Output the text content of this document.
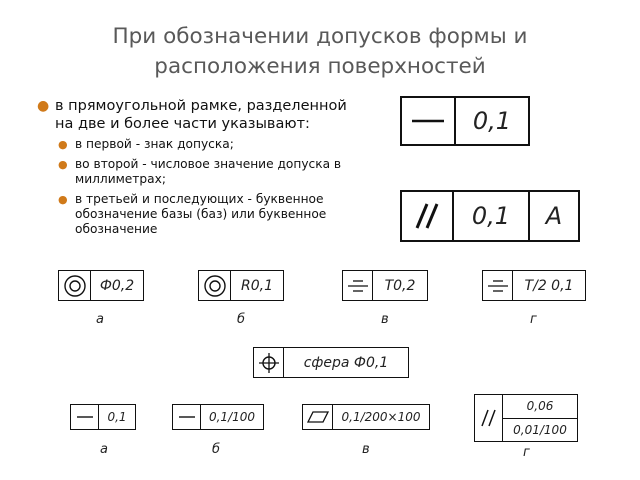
При обозначении допусков формы и расположения поверхностей
● в прямоугольной рамке, разделенной на две и более части указывают:
● в первой - знак допуска;
● во второй - числовое значение допуска в миллиметрах;
● в третьей и последующих - буквенное обозначение базы (баз) или буквенное обозначение
0,1
0,1	А
Ф0,2
а
R0,1
б
T0,2
в
T/2 0,1
г
сфера Ф0,1
0,1
а
0,1/100
б
0,1/200×100
в
0,06
0,01/100
г
